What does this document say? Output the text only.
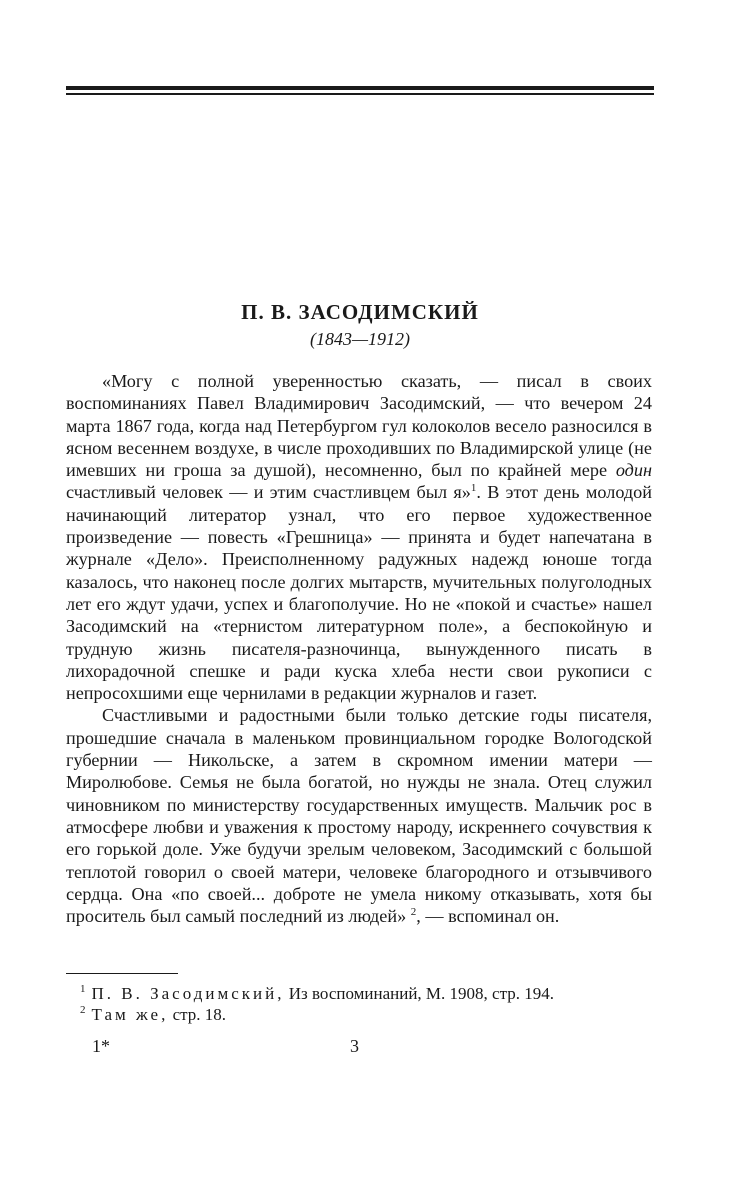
П. В. ЗАСОДИМСКИЙ
(1843—1912)

«Могу с полной уверенностью сказать, — писал в своих воспоминаниях Павел Владимирович Засодимский, — что вечером 24 марта 1867 года, когда над Петербургом гул колоколов весело разносился в ясном весеннем воздухе, в числе проходивших по Владимирской улице (не имевших ни гроша за душой), несомненно, был по крайней мере один счастливый человек — и этим счастливцем был я»$^1$. В этот день молодой начинающий литератор узнал, что его первое художественное произведение — повесть «Грешница» — принята и будет напечатана в журнале «Дело». Преисполненному радужных надежд юноше тогда казалось, что наконец после долгих мытарств, мучительных полуголодных лет его ждут удачи, успех и благополучие. Но не «покой и счастье» нашел Засодимский на «тернистом литературном поле», а беспокойную и трудную жизнь писателя-разночинца, вынужденного писать в лихорадочной спешке и ради куска хлеба нести свои рукописи с непросохшими еще чернилами в редакции журналов и газет.

Счастливыми и радостными были только детские годы писателя, прошедшие сначала в маленьком провинциальном городке Вологодской губернии — Никольске, а затем в скромном имении матери — Миролюбове. Семья не была богатой, но нужды не знала. Отец служил чиновником по министерству государственных имуществ. Мальчик рос в атмосфере любви и уважения к простому народу, искреннего сочувствия к его горькой доле. Уже будучи зрелым человеком, Засодимский с большой теплотой говорил о своей матери, человеке благородного и отзывчивого сердца. Она «по своей... доброте не умела никому отказывать, хотя бы проситель был самый последний из людей» $^2$, — вспоминал он.

$^1$ П. В. Засодимский, Из воспоминаний, М. 1908, стр. 194.
$^2$ Там же, стр. 18.
1*	3
